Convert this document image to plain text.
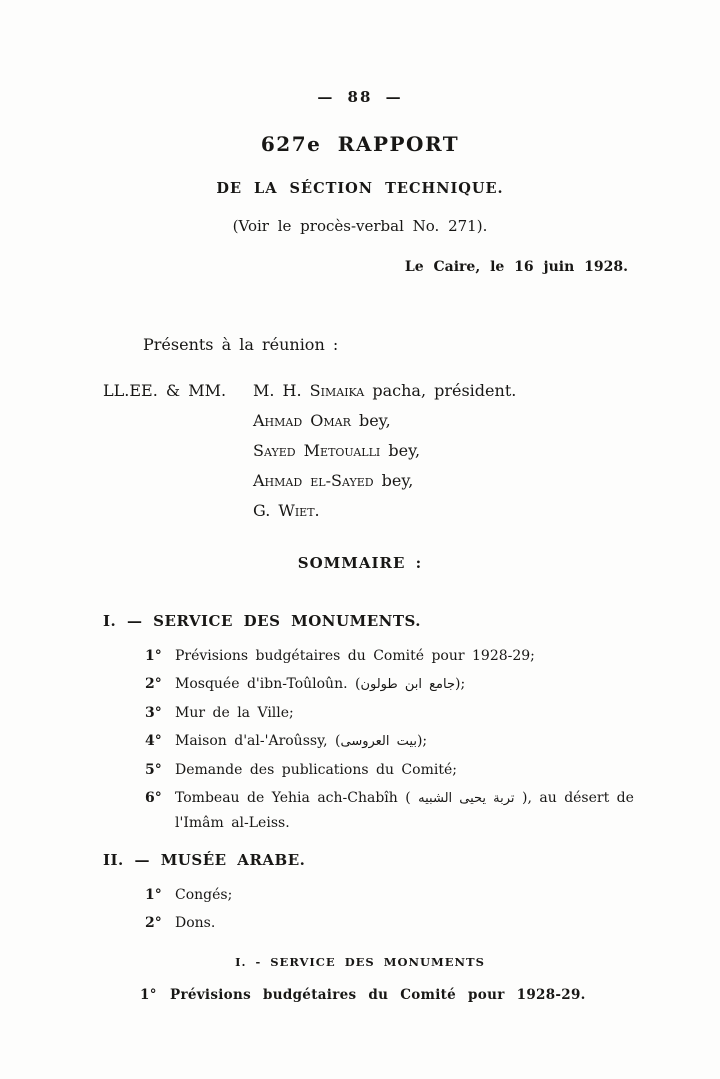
— 88 —
627e RAPPORT
DE LA SÉCTION TECHNIQUE.
(Voir le procès-verbal No. 271).
Le Caire, le 16 juin 1928.
Présents à la réunion :
LL.EE. & MM.	M. H. Simaika pacha, président.
Ahmad Omar bey,
Sayed Metoualli bey,
Ahmad el-Sayed bey,
G. Wiet.
SOMMAIRE :
I. — SERVICE DES MONUMENTS.
1° Prévisions budgétaires du Comité pour 1928-29;
2° Mosquée d'ibn-Toûloûn. (جامع ابن طولون);
3° Mur de la Ville;
4° Maison d'al-'Aroûssy, (بيت العروسى);
5° Demande des publications du Comité;
6° Tombeau de Yehia ach-Chabîh ( تربة يحيى الشبيه ), au désert de l'Imâm al-Leiss.
II. — MUSÉE ARABE.
1° Congés;
2° Dons.
I. - SERVICE DES MONUMENTS
1° Prévisions budgétaires du Comité pour 1928-29.
